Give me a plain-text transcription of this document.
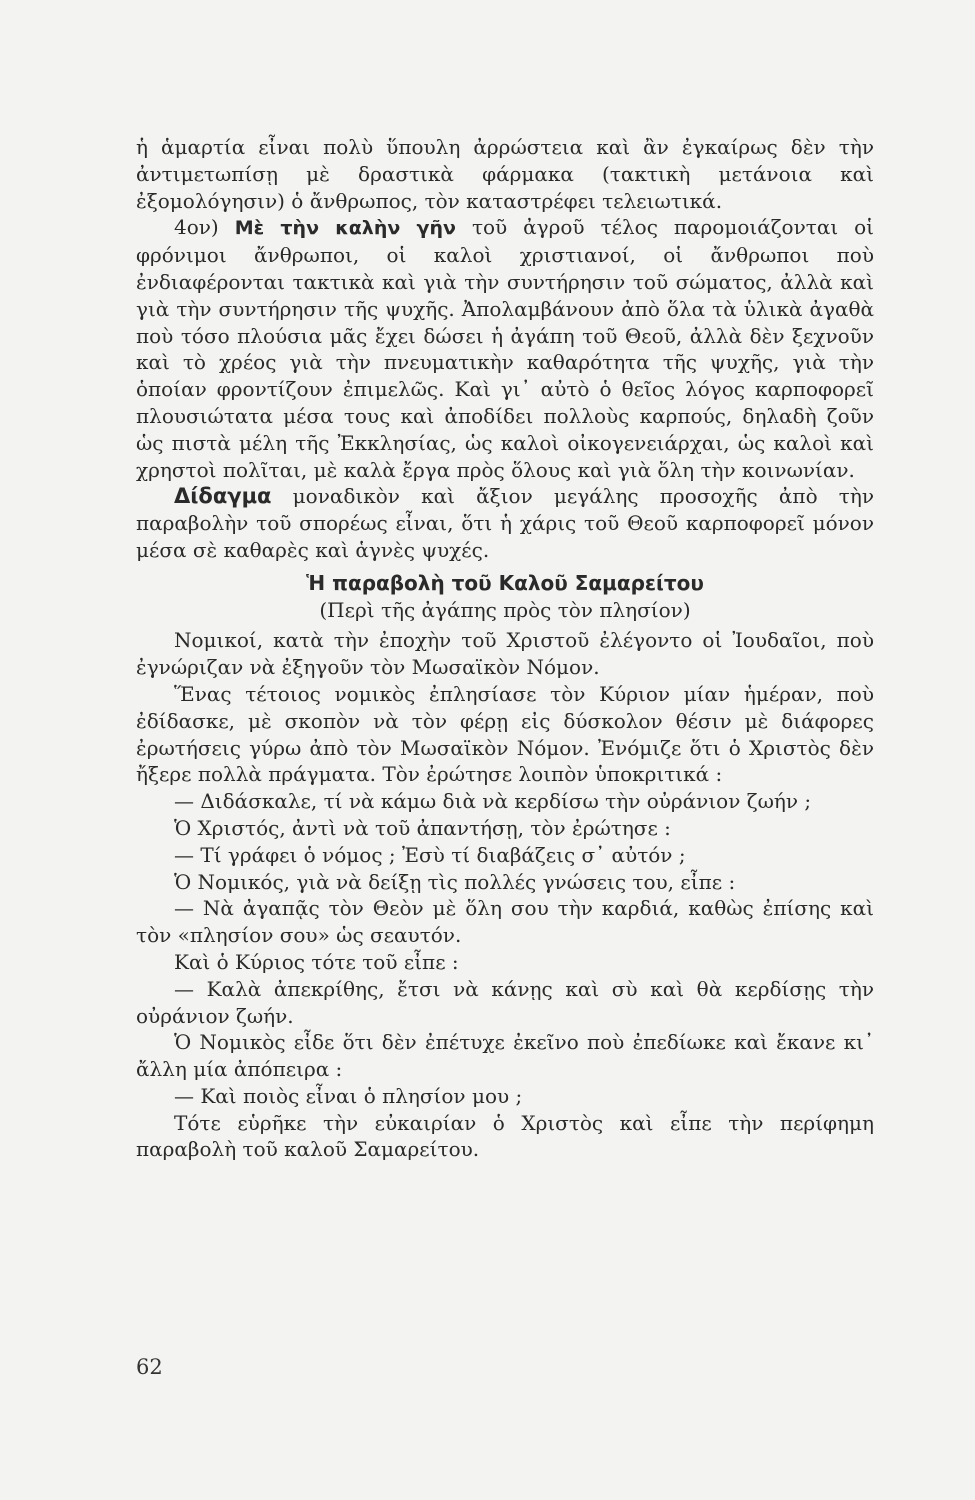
ἡ ἁμαρτία εἶναι πολὺ ὕπουλη ἀρρώστεια καὶ ἂν ἐγκαίρως δὲν τὴν ἀντιμετωπίσῃ μὲ δραστικὰ φάρμακα (τακτικὴ μετάνοια καὶ ἐξομολόγησιν) ὁ ἄνθρωπος, τὸν καταστρέφει τελειωτικά.

4ον) Μὲ τὴν καλὴν γῆν τοῦ ἀγροῦ τέλος παρομοιάζονται οἱ φρόνιμοι ἄνθρωποι, οἱ καλοὶ χριστιανοί, οἱ ἄνθρωποι ποὺ ἐνδιαφέρονται τακτικὰ καὶ γιὰ τὴν συντήρησιν τοῦ σώματος, ἀλλὰ καὶ γιὰ τὴν συντήρησιν τῆς ψυχῆς. Ἀπολαμβάνουν ἀπὸ ὅλα τὰ ὑλικὰ ἀγαθὰ ποὺ τόσο πλούσια μᾶς ἔχει δώσει ἡ ἀγάπη τοῦ Θεοῦ, ἀλλὰ δὲν ξεχνοῦν καὶ τὸ χρέος γιὰ τὴν πνευματικὴν καθαρότητα τῆς ψυχῆς, γιὰ τὴν ὁποίαν φροντίζουν ἐπιμελῶς. Καὶ γι᾿ αὐτὸ ὁ θεῖος λόγος καρποφορεῖ πλουσιώτατα μέσα τους καὶ ἀποδίδει πολλοὺς καρπούς, δηλαδὴ ζοῦν ὡς πιστὰ μέλη τῆς Ἐκκλησίας, ὡς καλοὶ οἰκογενειάρχαι, ὡς καλοὶ καὶ χρηστοὶ πολῖται, μὲ καλὰ ἔργα πρὸς ὅλους καὶ γιὰ ὅλη τὴν κοινωνίαν.

Δίδαγμα μοναδικὸν καὶ ἄξιον μεγάλης προσοχῆς ἀπὸ τὴν παραβολὴν τοῦ σπορέως εἶναι, ὅτι ἡ χάρις τοῦ Θεοῦ καρποφορεῖ μόνον μέσα σὲ καθαρὲς καὶ ἁγνὲς ψυχές.

Ἡ παραβολὴ τοῦ Καλοῦ Σαμαρείτου

(Περὶ τῆς ἀγάπης πρὸς τὸν πλησίον)

Νομικοί, κατὰ τὴν ἐποχὴν τοῦ Χριστοῦ ἐλέγοντο οἱ Ἰουδαῖοι, ποὺ ἐγνώριζαν νὰ ἐξηγοῦν τὸν Μωσαϊκὸν Νόμον.

Ἕνας τέτοιος νομικὸς ἐπλησίασε τὸν Κύριον μίαν ἡμέραν, ποὺ ἐδίδασκε, μὲ σκοπὸν νὰ τὸν φέρῃ εἰς δύσκολον θέσιν μὲ διάφορες ἐρωτήσεις γύρω ἀπὸ τὸν Μωσαϊκὸν Νόμον. Ἐνόμιζε ὅτι ὁ Χριστὸς δὲν ἤξερε πολλὰ πράγματα. Τὸν ἐρώτησε λοιπὸν ὑποκριτικά :

— Διδάσκαλε, τί νὰ κάμω διὰ νὰ κερδίσω τὴν οὐράνιον ζωήν ;

Ὁ Χριστός, ἀντὶ νὰ τοῦ ἀπαντήσῃ, τὸν ἐρώτησε :

— Τί γράφει ὁ νόμος ; Ἐσὺ τί διαβάζεις σ᾿ αὐτόν ;

Ὁ Νομικός, γιὰ νὰ δείξῃ τὶς πολλές γνώσεις του, εἶπε :

— Νὰ ἀγαπᾷς τὸν Θεὸν μὲ ὅλη σου τὴν καρδιά, καθὼς ἐπίσης καὶ τὸν «πλησίον σου» ὡς σεαυτόν.

Καὶ ὁ Κύριος τότε τοῦ εἶπε :

— Καλὰ ἀπεκρίθης, ἔτσι νὰ κάνῃς καὶ σὺ καὶ θὰ κερδίσῃς τὴν οὐράνιον ζωήν.

Ὁ Νομικὸς εἶδε ὅτι δὲν ἐπέτυχε ἐκεῖνο ποὺ ἐπεδίωκε καὶ ἔκανε κι᾿ ἄλλη μία ἀπόπειρα :

— Καὶ ποιὸς εἶναι ὁ πλησίον μου ;

Τότε εὑρῆκε τὴν εὐκαιρίαν ὁ Χριστὸς καὶ εἶπε τὴν περίφημη παραβολὴ τοῦ καλοῦ Σαμαρείτου.

62
